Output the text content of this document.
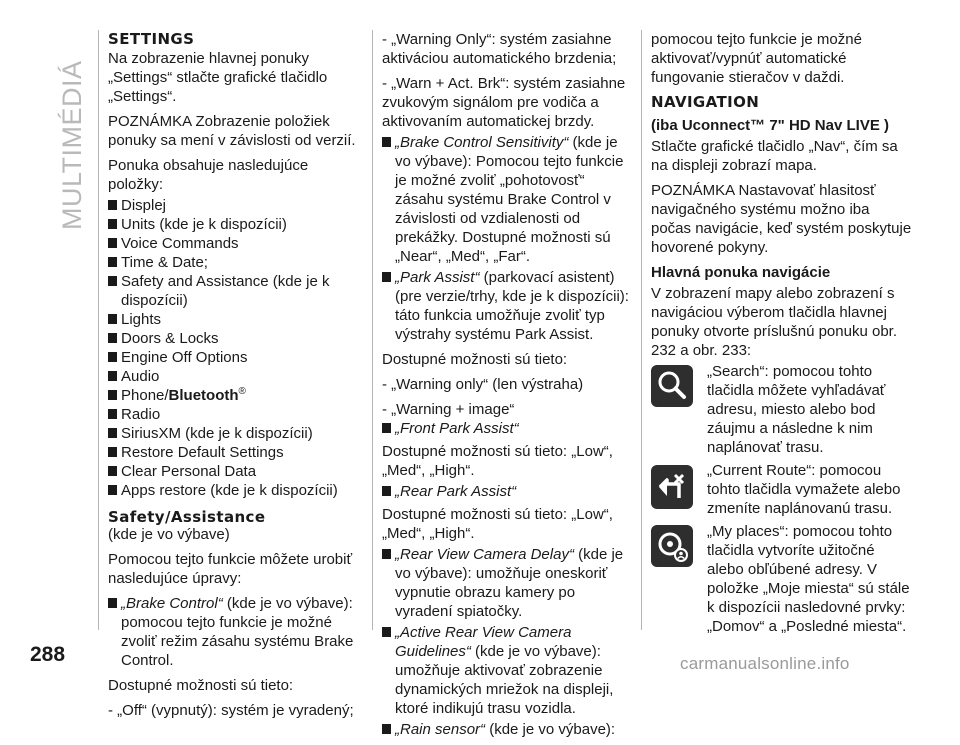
MULTIMÉDIÁ
288	carmanualsonline.info
SETTINGS

Na zobrazenie hlavnej ponuky „Settings“ stlačte grafické tlačidlo „Settings“.

POZNÁMKA Zobrazenie položiek ponuky sa mení v závislosti od verzií.

Ponuka obsahuje nasledujúce položky:

Displej
Units (kde je k dispozícii)
Voice Commands
Time & Date;
Safety and Assistance (kde je k dispozícii)
Lights
Doors & Locks
Engine Off Options
Audio
Phone/Bluetooth®
Radio
SiriusXM (kde je k dispozícii)
Restore Default Settings
Clear Personal Data
Apps restore (kde je k dispozícii)
Safety/Assistance

(kde je vo výbave)

Pomocou tejto funkcie môžete urobiť nasledujúce úpravy:

„Brake Control“ (kde je vo výbave): pomocou tejto funkcie je možné zvoliť režim zásahu systému Brake Control.

Dostupné možnosti sú tieto:

- „Off“ (vypnutý): systém je vyradený;

- „Warning Only“: systém zasiahne aktiváciou automatického brzdenia;

- „Warn + Act. Brk“: systém zasiahne zvukovým signálom pre vodiča a aktivovaním automatickej brzdy.

„Brake Control Sensitivity“ (kde je vo výbave): Pomocou tejto funkcie je možné zvoliť „pohotovosť“ zásahu systému Brake Control v závislosti od vzdialenosti od prekážky. Dostupné možnosti sú „Near“, „Med“, „Far“.

„Park Assist“ (parkovací asistent) (pre verzie/trhy, kde je k dispozícii): táto funkcia umožňuje zvoliť typ výstrahy systému Park Assist.

Dostupné možnosti sú tieto:

- „Warning only“ (len výstraha)

- „Warning + image“

„Front Park Assist“

Dostupné možnosti sú tieto: „Low“, „Med“, „High“.

„Rear Park Assist“

Dostupné možnosti sú tieto: „Low“, „Med“, „High“.

„Rear View Camera Delay“ (kde je vo výbave): umožňuje oneskoriť vypnutie obrazu kamery po vyradení spiatočky.

„Active Rear View Camera Guidelines“ (kde je vo výbave): umožňuje aktivovať zobrazenie dynamických mriežok na displeji, ktoré indikujú trasu vozidla.

„Rain sensor“ (kde je vo výbave):

pomocou tejto funkcie je možné aktivovať/vypnúť automatické fungovanie stieračov v daždi.

NAVIGATION
(iba Uconnect™ 7" HD Nav LIVE )

Stlačte grafické tlačidlo „Nav“, čím sa na displeji zobrazí mapa.

POZNÁMKA Nastavovať hlasitosť navigačného systému možno iba počas navigácie, keď systém poskytuje hovorené pokyny.

Hlavná ponuka navigácie

V zobrazení mapy alebo zobrazení s navigáciou výberom tlačidla hlavnej ponuky otvorte príslušnú ponuku obr. 232 a obr. 233:

„Search“: pomocou tohto tlačidla môžete vyhľadávať adresu, miesto alebo bod záujmu a následne k nim naplánovať trasu.
„Current Route“: pomocou tohto tlačidla vymažete alebo zmeníte naplánovanú trasu.
„My places“: pomocou tohto tlačidla vytvoríte užitočné alebo obľúbené adresy. V položke „Moje miesta“ sú stále k dispozícii nasledovné prvky: „Domov“ a „Posledné miesta“.
